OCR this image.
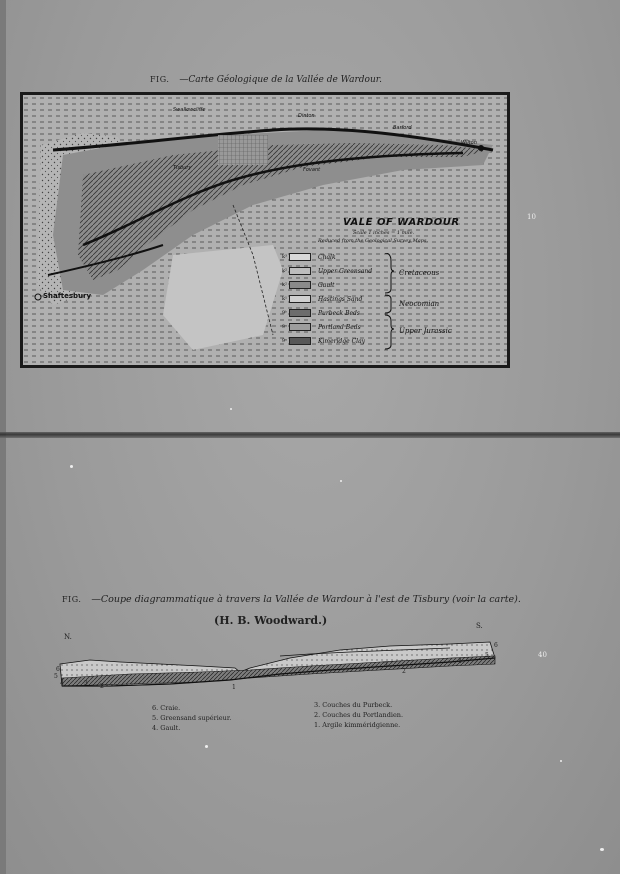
FIG. —Carte Géologique de la Vallée de Wardour.
Shaftesbury
Tisbury
Wilton
Swallowcliffe
Fovant
Dinton
Barford
VALE OF WARDOUR
Scale 1 inches = 1 mile.
Reduced from the Geological Survey Maps.
k³	Chalk
k²	Upper Greensand
k²	Gault
k¹	Hastings Sand
9ᵇ	Purbeck Beds
9ᵃ	Portland Beds
9ᵃ	Kimeridge Clay
Cretaceous
Neocomian
Upper Jurassic
10
FIG. —Coupe diagrammatique à travers la Vallée de Wardour à l'est de Tisbury (voir la carte).
(H. B. Woodward.)
N.
S.
6
5
4	3 2	1
6
5
4
3
2
40
6. Craie.
5. Greensand supérieur.
4. Gault.
3. Couches du Purbeck.
2. Couches du Portlandien.
1. Argile kimméridgienne.
